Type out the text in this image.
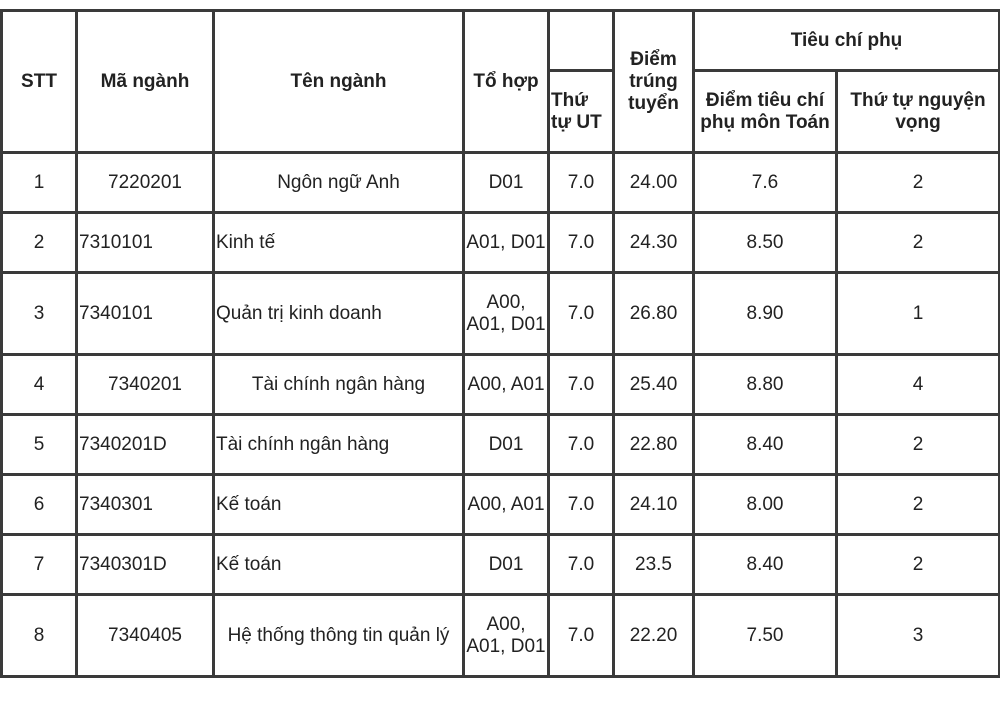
STT	Mã ngành	Tên ngành	Tổ hợp		Điểm trúng tuyển	Tiêu chí phụ	
				Thứ tự UT		Điểm tiêu chí phụ môn Toán	Thứ tự nguyện vọng
1	7220201	Ngôn ngữ Anh	D01	7.0	24.00	7.6	2
2	7310101	Kinh tế	A01, D01	7.0	24.30	8.50	2
3	7340101	Quản trị kinh doanh	A00, A01, D01	7.0	26.80	8.90	1
4	7340201	Tài chính ngân hàng	A00, A01	7.0	25.40	8.80	4
5	7340201D	Tài chính ngân hàng	D01	7.0	22.80	8.40	2
6	7340301	Kế toán	A00, A01	7.0	24.10	8.00	2
7	7340301D	Kế toán	D01	7.0	23.5	8.40	2
8	7340405	Hệ thống thông tin quản lý	A00, A01, D01	7.0	22.20	7.50	3
